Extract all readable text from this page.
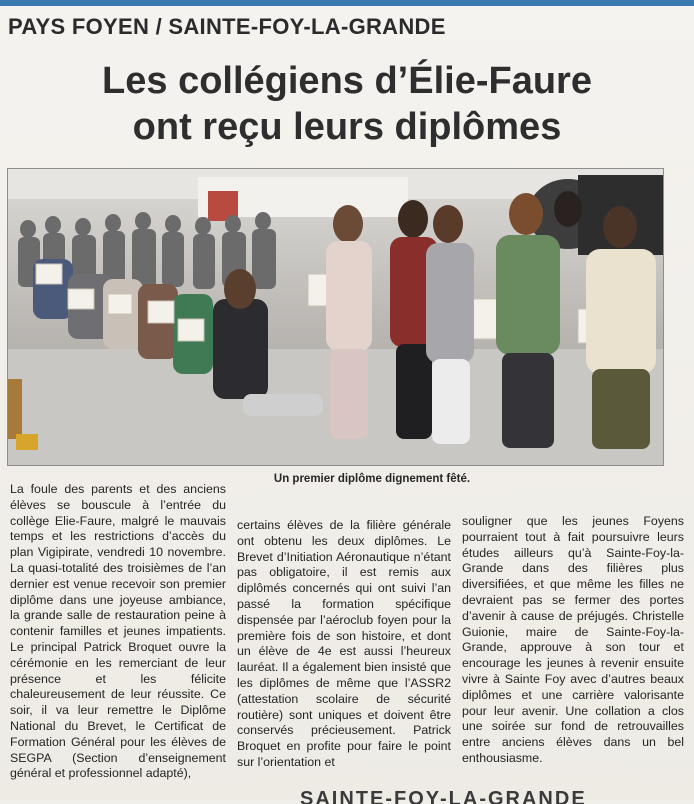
PAYS FOYEN / SAINTE-FOY-LA-GRANDE
Les collégiens d’Élie-Faure
ont reçu leurs diplômes
Un premier diplôme dignement fêté.

La foule des parents et des anciens élèves se bouscule à l’entrée du collège Elie-Faure, malgré le mauvais temps et les restrictions d’accès du plan Vigipirate, vendredi 10 novembre. La quasi-totalité des troisièmes de l’an dernier est venue recevoir son premier diplôme dans une joyeuse ambiance, la grande salle de restauration peine à contenir familles et jeunes impatients. Le principal Patrick Broquet ouvre la cérémonie en les remerciant de leur présence et les félicite chaleureusement de leur réussite. Ce soir, il va leur remettre le Diplôme National du Brevet, le Certificat de Formation Général pour les élèves de SEGPA (Section d’enseignement général et professionnel adapté),

certains élèves de la filière générale ont obtenu les deux diplômes. Le Brevet d’Initiation Aéronautique n’étant pas obligatoire, il est remis aux diplômés concernés qui ont suivi l’an passé la formation spécifique dispensée par l’aéroclub foyen pour la première fois de son histoire, et dont un élève de 4e est aussi l’heureux lauréat. Il a également bien insisté que les diplômes de même que l’ASSR2 (attestation scolaire de sécurité routière) sont uniques et doivent être conservés précieusement. Patrick Broquet en profite pour faire le point sur l’orientation et

souligner que les jeunes Foyens pourraient tout à fait poursuivre leurs études ailleurs qu’à Sainte-Foy-la-Grande dans des filières plus diversifiées, et que même les filles ne devraient pas se fermer des portes d’avenir à cause de préjugés. Christelle Guionie, maire de Sainte-Foy-la-Grande, approuve à son tour et encourage les jeunes à revenir ensuite vivre à Sainte Foy avec d’autres beaux diplômes et une carrière valorisante pour leur avenir. Une collation a clos une soirée sur fond de retrouvailles entre anciens élèves dans un bel enthousiasme.

SAINTE-FOY-LA-GRANDE
